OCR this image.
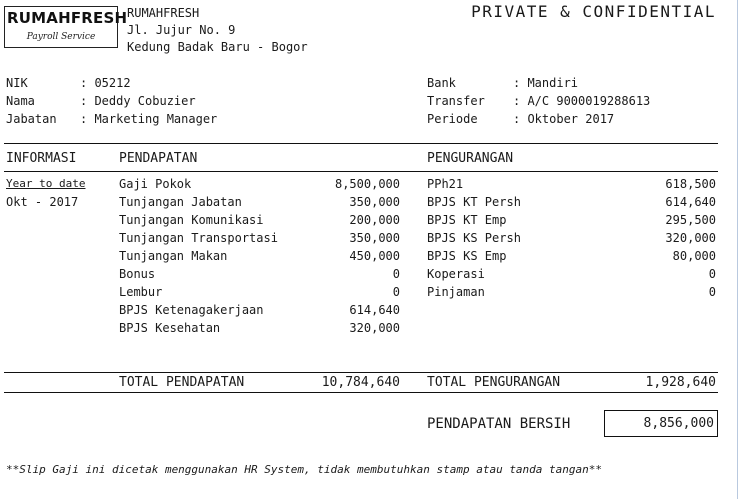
RUMAHFRESH
Payroll Service
RUMAHFRESH
Jl. Jujur No. 9
Kedung Badak Baru - Bogor
PRIVATE & CONFIDENTIAL
NIK	: 05212
Nama	: Deddy Cobuzier
Jabatan : Marketing Manager
Bank	: Mandiri
Transfer : A/C 9000019288613
Periode	: Oktober 2017
INFORMASI	PENDAPATAN	PENGURANGAN
Year to date
Okt - 2017
Gaji Pokok	8,500,000
Tunjangan Jabatan	350,000
Tunjangan Komunikasi	200,000
Tunjangan Transportasi	350,000
Tunjangan Makan	450,000
Bonus	0
Lembur	0
BPJS Ketenagakerjaan	614,640
BPJS Kesehatan	320,000
PPh21	618,500
BPJS KT Persh	614,640
BPJS KT Emp	295,500
BPJS KS Persh	320,000
BPJS KS Emp	80,000
Koperasi	0
Pinjaman	0
TOTAL PENDAPATAN	10,784,640 TOTAL PENGURANGAN	1,928,640
PENDAPATAN BERSIH	8,856,000
**Slip Gaji ini dicetak menggunakan HR System, tidak membutuhkan stamp atau tanda tangan**
